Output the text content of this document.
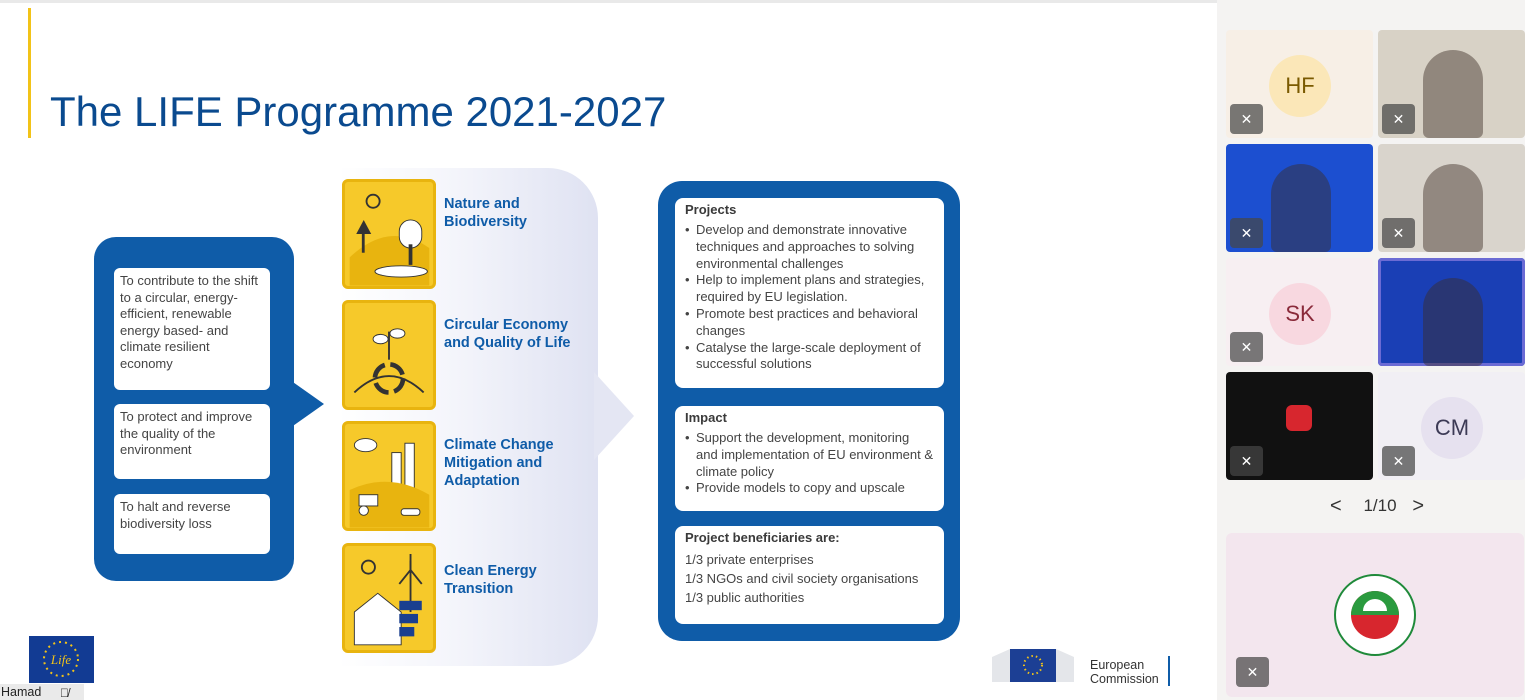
The LIFE Programme 2021-2027
To contribute to the shift to a circular, energy-efficient, renewable energy based- and climate resilient economy
To protect and improve the quality of the environment
To halt and reverse biodiversity loss
Nature and
Biodiversity
Circular Economy
and Quality of Life
Climate Change
Mitigation and
Adaptation
Clean Energy
Transition
Projects
• Develop and demonstrate innovative techniques and approaches to solving environmental challenges
• Help to implement plans and strategies, required by EU legislation.
• Promote best practices and behavioral changes
• Catalyse the large-scale deployment of successful solutions
Impact
• Support the development, monitoring and implementation of EU environment & climate policy
• Provide models to copy and upscale
Project beneficiaries are:

1/3 private enterprises

1/3 NGOs and civil society organisations

1/3 public authorities

Life	European
Commission
Hamad 🎙̸
HF
✕	✕
✕	✕
SK
✕
✕
CM
✕
< 1/10 >
✕
